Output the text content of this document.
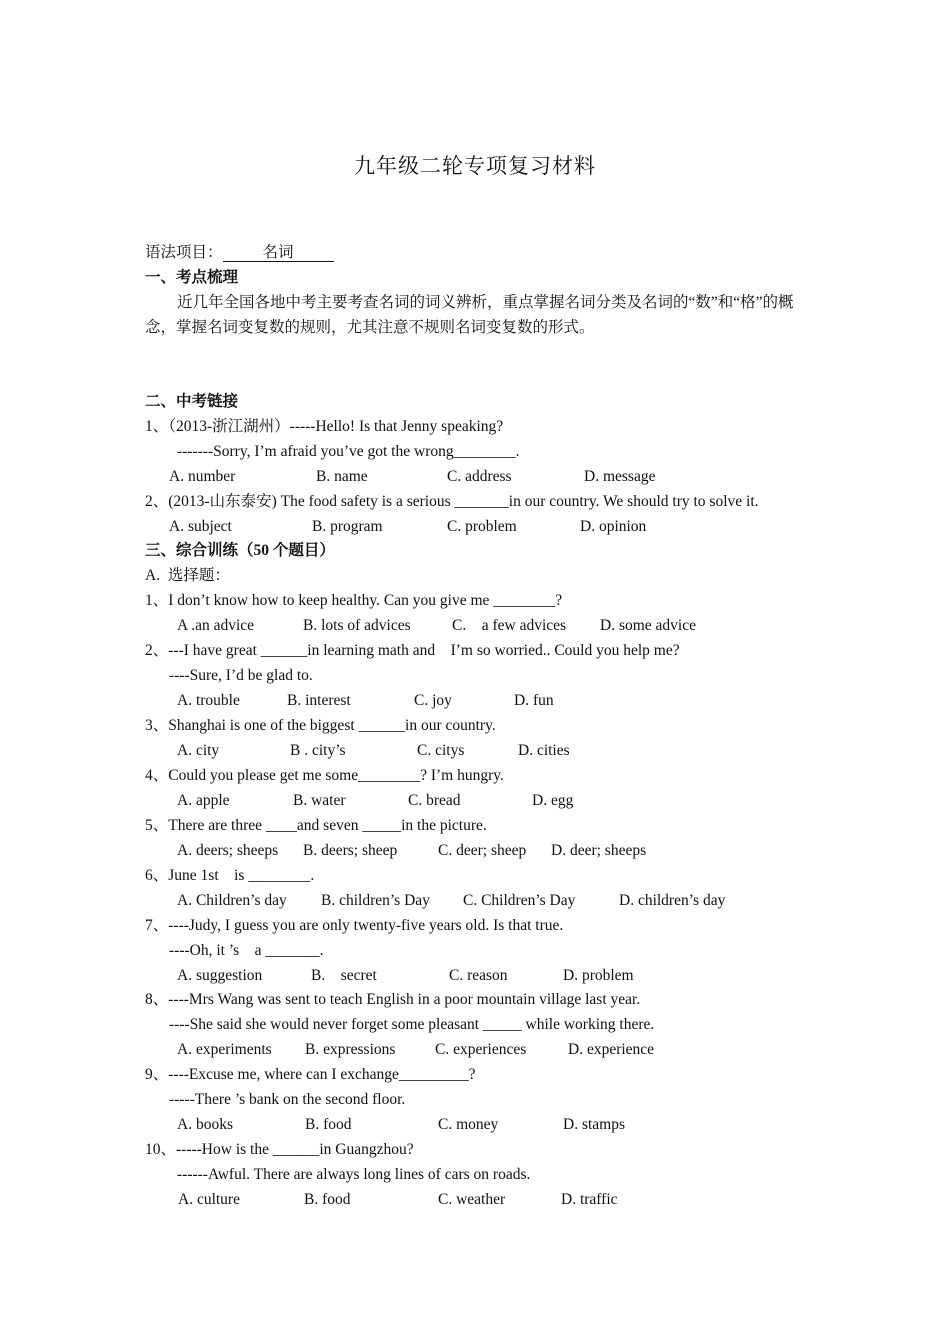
九年级二轮专项复习材料
语法项目：	名词
一、考点梳理
近几年全国各地中考主要考查名词的词义辨析，重点掌握名词分类及名词的“数”和“格”的概念，掌握名词变复数的规则，尤其注意不规则名词变复数的形式。
二、中考链接
1、（2013-浙江湖州）-----Hello! Is that Jenny speaking?
-------Sorry, I’m afraid you’ve got the wrong________.

A. number

	B. name

	C. address

	D. message

2、(2013-山东泰安) The food safety is a serious _______in our country. We should try to solve it.

A. subject

	B. program

	C. problem

	D. opinion

三、综合训练（50 个题目）
A.  选择题：
1、I don’t know how to keep healthy. Can you give me ________?

A .an advice

	B. lots of advices

	C.    a few advices

D. some advice

2、---I have great ______in learning math and    I’m so worried.. Could you help me?
----Sure, I’d be glad to.

A. trouble

	B. interest

	C. joy

	D. fun

3、Shanghai is one of the biggest ______in our country.

A. city

	B . city’s

	C. citys

	D. cities

4、Could you please get me some________? I’m hungry.

A. apple

	B. water

	C. bread

	D. egg

5、There are three ____and seven _____in the picture.

A. deers; sheeps

B. deers; sheep

	C. deer; sheep

D. deer; sheeps

6、June 1st    is ________.

A. Children’s day

B. children’s Day

C. Children’s Day

	D. children’s day

7、----Judy, I guess you are only twenty-five years old. Is that true.
----Oh, it ’s    a _______.

A. suggestion

	B.    secret

	C. reason

	D. problem

8、----Mrs Wang was sent to teach English in a poor mountain village last year.
----She said she would never forget some pleasant _____ while working there.

A. experiments

B. expressions

	C. experiences

	D. experience

9、----Excuse me, where can I exchange_________?
-----There ’s bank on the second floor.

A. books

	B. food

	C. money

	D. stamps

10、-----How is the ______in Guangzhou?
------Awful. There are always long lines of cars on roads.

A. culture

	B. food

	C. weather

	D. traffic
